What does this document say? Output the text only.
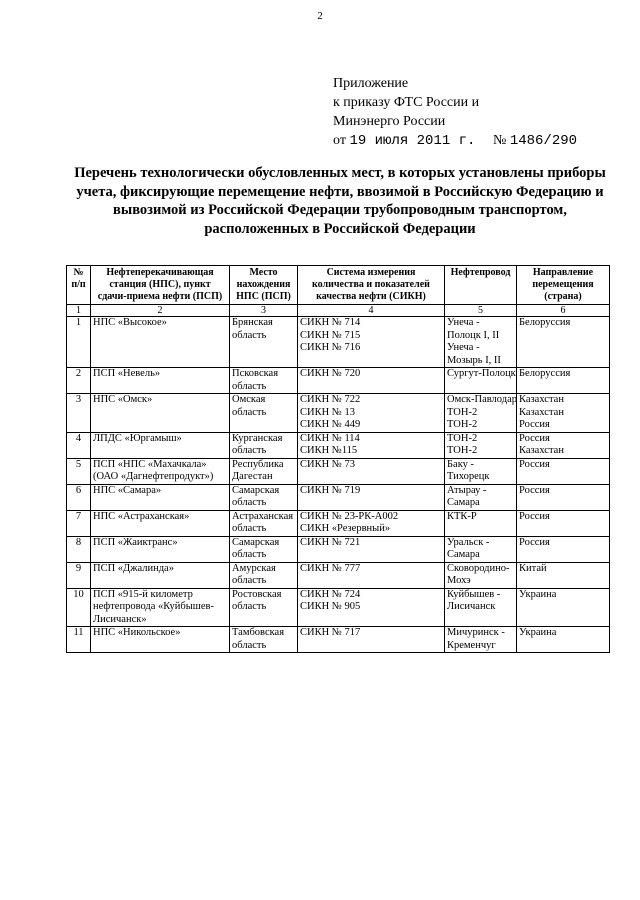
2
Приложение
к приказу ФТС России и
Минэнерго России
от 19 июля 2011 г. № 1486/290
Перечень технологически обусловленных мест, в которых установлены приборы учета, фиксирующие перемещение нефти, ввозимой в Российскую Федерацию и вывозимой из Российской Федерации трубопроводным транспортом, расположенных в Российской Федерации
№
п/п	Нефтеперекачивающая
станция (НПС), пункт
сдачи-приема нефти (ПСП)	Место
нахождения
НПС (ПСП)	Система измерения
количества и показателей
качества нефти (СИКН)	Нефтепровод	Направление
перемещения
(страна)

1	2	3	4	5	6
1	НПС «Высокое»	Брянская
область	СИКН № 714
СИКН № 715
СИКН № 716	Унеча -
Полоцк I, II
Унеча -
Мозырь I, II	Белоруссия

2	ПСП «Невель»	Псковская
область	СИКН № 720	Сургут-Полоцк	Белоруссия

3	НПС «Омск»	Омская
область	СИКН № 722
СИКН № 13
СИКН № 449	Омск-Павлодар
ТОН-2
ТОН-2	Казахстан
Казахстан
Россия

4	ЛПДС «Юргамыш»	Курганская
область	СИКН № 114
СИКН №115	ТОН-2
ТОН-2	Россия
Казахстан

5	ПСП «НПС «Махачкала»
(ОАО «Дагнефтепродукт»)	Республика
Дагестан	СИКН № 73	Баку -
Тихорецк	Россия

6	НПС «Самара»	Самарская
область	СИКН № 719	Атырау -
Самара	Россия

7	НПС «Астраханская»	Астраханская
область	СИКН № 23-РК-А002
СИКН «Резервный»	КТК-Р	Россия

8	ПСП «Жаиктранс»	Самарская
область	СИКН № 721	Уральск -
Самара	Россия

9	ПСП «Джалинда»	Амурская
область	СИКН № 777	Сковородино-
Мохэ	Китай

10	ПСП «915-й километр
нефтепровода «Куйбышев-
Лисичанск»	Ростовская
область	СИКН № 724
СИКН № 905	Куйбышев -
Лисичанск	Украина

11	НПС «Никольское»	Тамбовская
область	СИКН № 717	Мичуринск -
Кременчуг	Украина
